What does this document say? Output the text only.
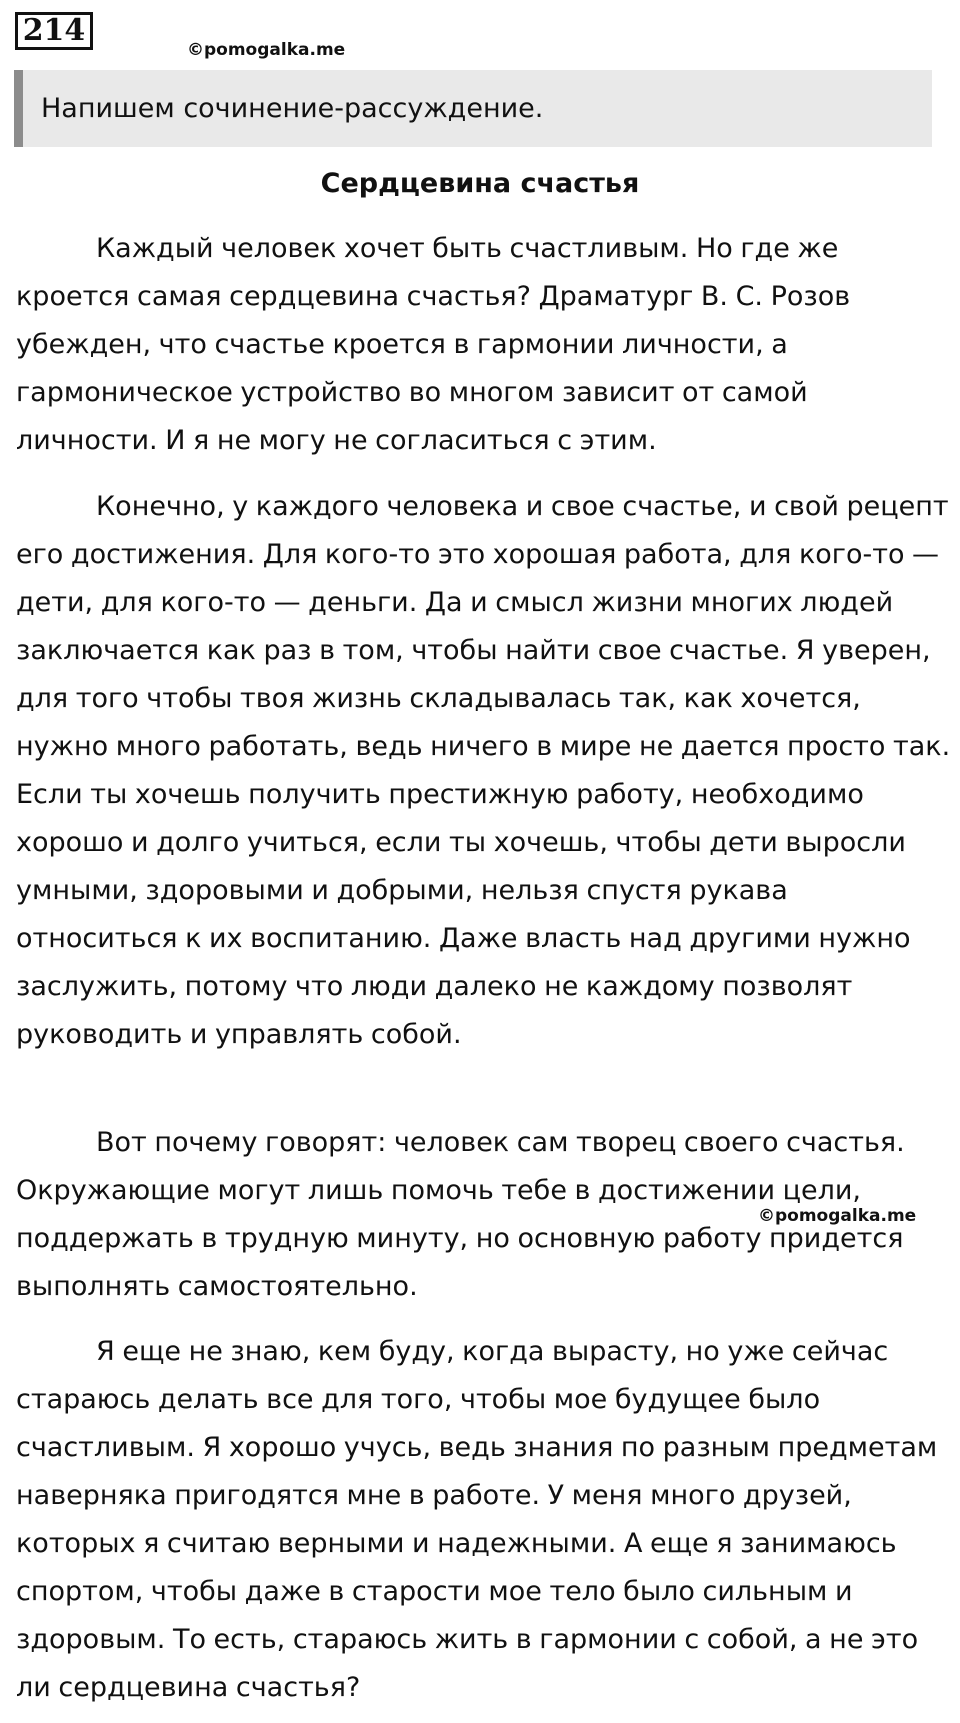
214
©pomogalka.me
Напишем сочинение-рассуждение.
Сердцевина счастья

Каждый человек хочет быть счастливым. Но где же кроется самая сердцевина счастья? Драматург В. С. Розов убежден, что счастье кроется в гармонии личности, а гармоническое устройство во многом зависит от самой личности. И я не могу не согласиться с этим.

Конечно, у каждого человека и свое счастье, и свой рецепт его достижения. Для кого-то это хорошая работа, для кого-то — дети, для кого-то — деньги. Да и смысл жизни многих людей заключается как раз в том, чтобы найти свое счастье. Я уверен, для того чтобы твоя жизнь складывалась так, как хочется, нужно много работать, ведь ничего в мире не дается просто так. Если ты хочешь получить престижную работу, необходимо хорошо и долго учиться, если ты хочешь, чтобы дети выросли умными, здоровыми и добрыми, нельзя спустя рукава относиться к их воспитанию. Даже власть над другими нужно заслужить, потому что люди далеко не каждому позволят руководить и управлять собой.

Вот почему говорят: человек сам творец своего счастья. Окружающие могут лишь помочь тебе в достижении цели, поддержать в трудную минуту, но основную работу придется выполнять самостоятельно.

Я еще не знаю, кем буду, когда вырасту, но уже сейчас стараюсь делать все для того, чтобы мое будущее было счастливым. Я хорошо учусь, ведь знания по разным предметам наверняка пригодятся мне в работе. У меня много друзей, которых я считаю верными и надежными. А еще я занимаюсь спортом, чтобы даже в старости мое тело было сильным и здоровым. То есть, стараюсь жить в гармонии с собой, а не это ли сердцевина счастья?

©pomogalka.me
